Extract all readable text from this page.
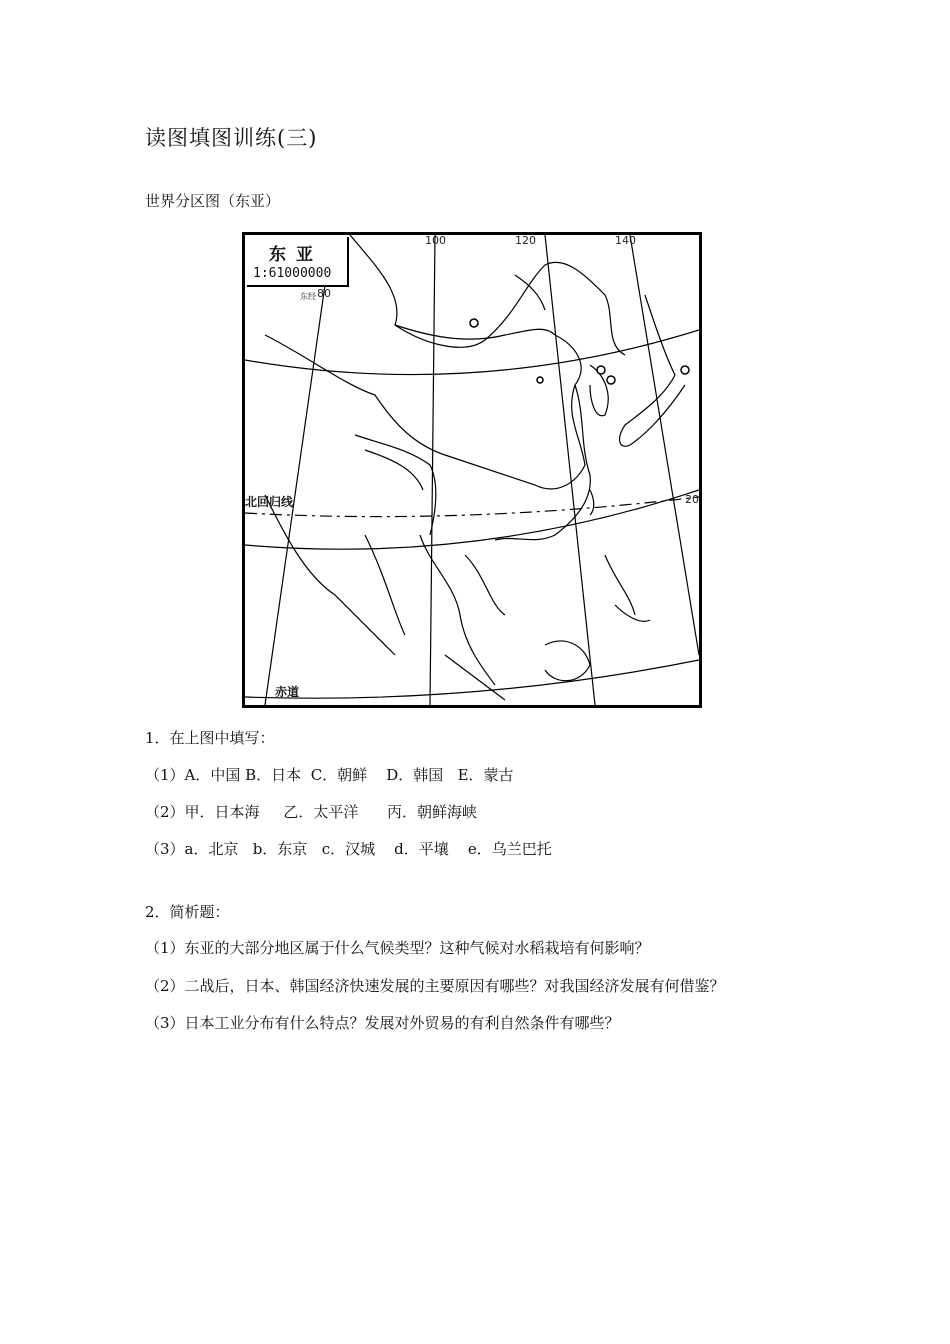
读图填图训练(三)
世界分区图（东亚）
东亚
1:61000000
东经 80
100	120	140
北回归线
赤道
20
1．在上图中填写：
（1）A．中国 B．日本  C．朝鲜    D．韩国   E．蒙古
（2）甲．日本海     乙．太平洋      丙．朝鲜海峡
（3）a．北京   b．东京   c．汉城    d．平壤    e．乌兰巴托
2．简析题：
（1）东亚的大部分地区属于什么气候类型？这种气候对水稻栽培有何影响？
（2）二战后，日本、韩国经济快速发展的主要原因有哪些？对我国经济发展有何借鉴？
（3）日本工业分布有什么特点？发展对外贸易的有利自然条件有哪些？
